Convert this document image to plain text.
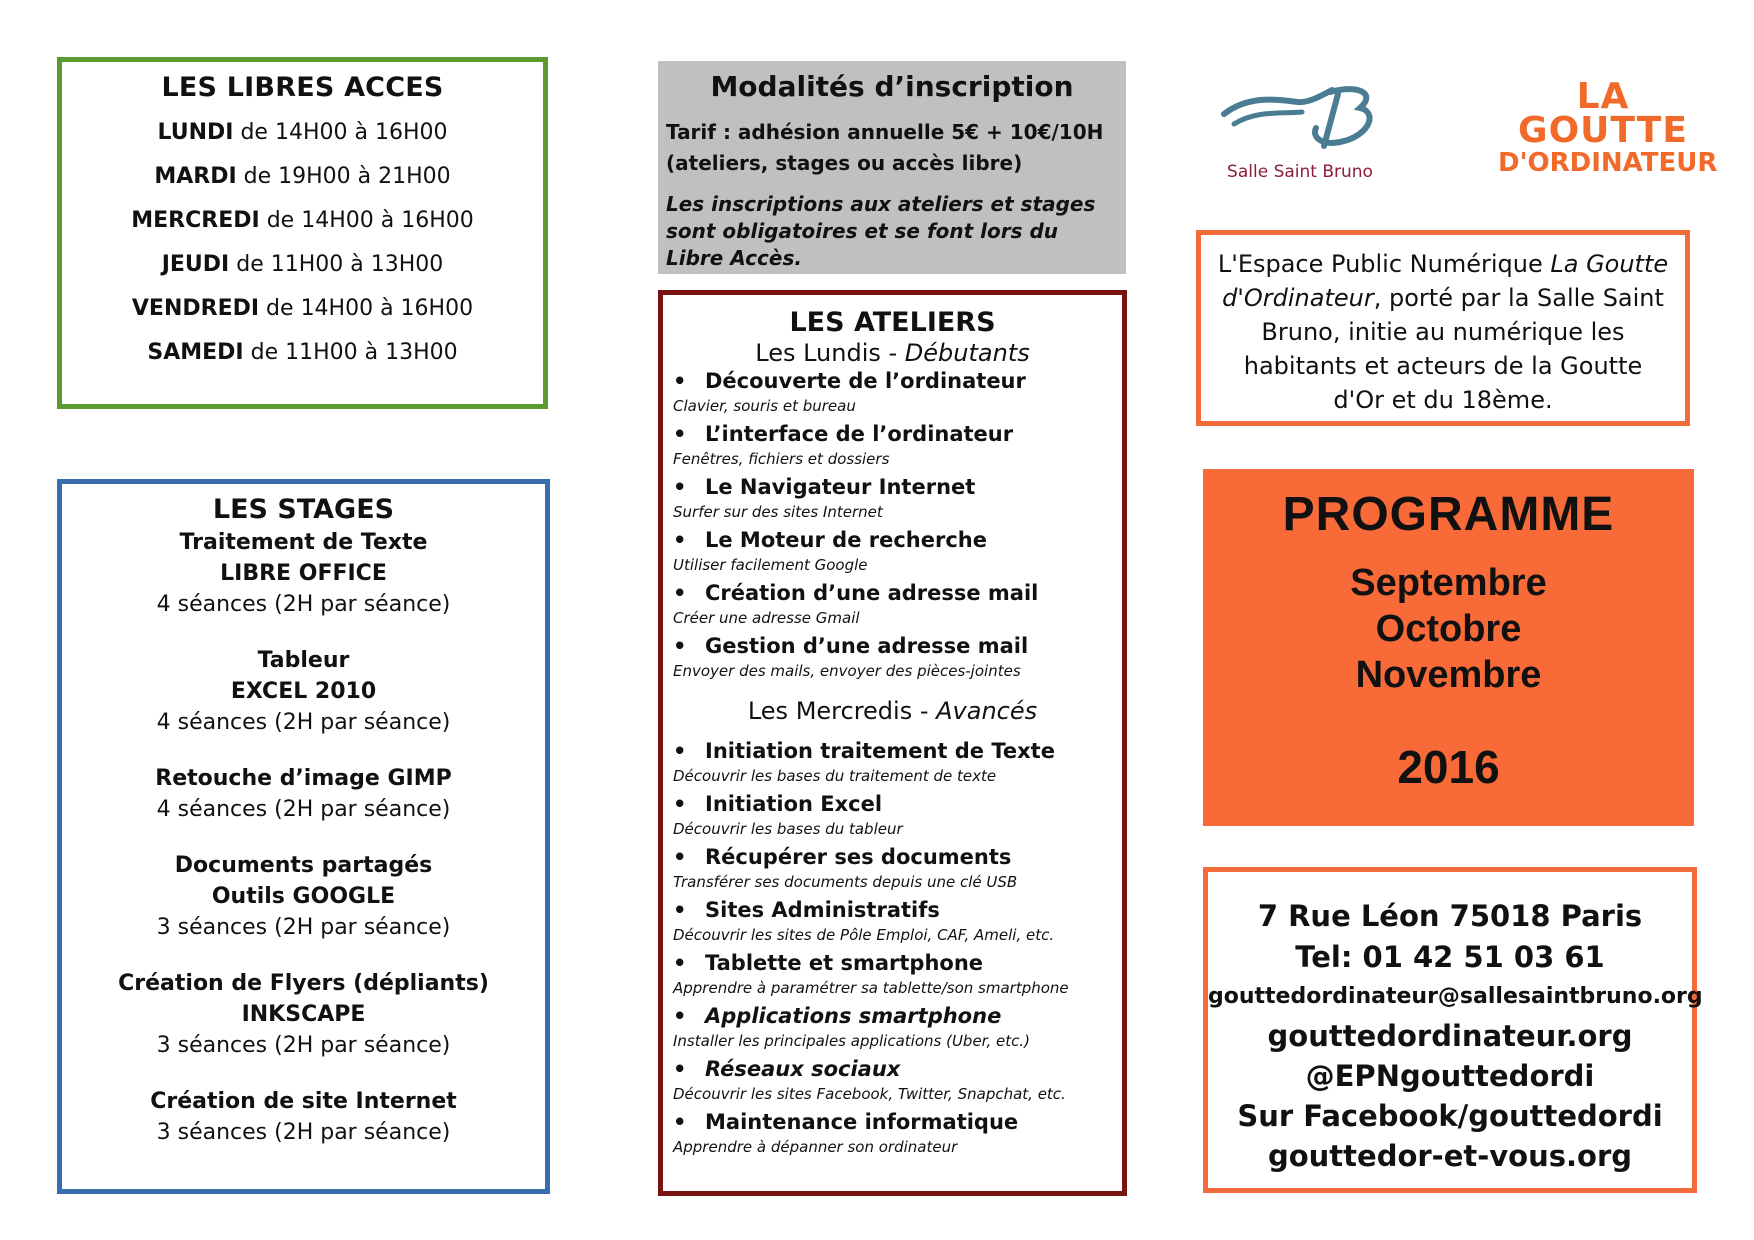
LES LIBRES ACCES
LUNDI de 14H00 à 16H00
MARDI de 19H00 à 21H00
MERCREDI de 14H00 à 16H00
JEUDI de 11H00 à 13H00
VENDREDI de 14H00 à 16H00
SAMEDI de 11H00 à 13H00
LES STAGES
Traitement de Texte
LIBRE OFFICE
4 séances (2H par séance)
Tableur
EXCEL 2010
4 séances (2H par séance)
Retouche d’image GIMP
4 séances (2H par séance)
Documents partagés
Outils GOOGLE
3 séances (2H par séance)
Création de Flyers (dépliants)
INKSCAPE
3 séances (2H par séance)
Création de site Internet
3 séances (2H par séance)
Modalités d’inscription
Tarif : adhésion annuelle 5€ + 10€/10H (ateliers, stages ou accès libre)
Les inscriptions aux ateliers et stages sont obligatoires et se font lors du Libre Accès.
LES ATELIERS
Les Lundis - Débutants
• Découverte de l’ordinateur
Clavier, souris et bureau
• L’interface de l’ordinateur
Fenêtres, fichiers et dossiers
• Le Navigateur Internet
Surfer sur des sites Internet
• Le Moteur de recherche
Utiliser facilement Google
• Création d’une adresse mail
Créer une adresse Gmail
• Gestion d’une adresse mail
Envoyer des mails, envoyer des pièces-jointes
Les Mercredis - Avancés
• Initiation traitement de Texte
Découvrir les bases du traitement de texte
• Initiation Excel
Découvrir les bases du tableur
• Récupérer ses documents
Transférer ses documents depuis une clé USB
• Sites Administratifs
Découvrir les sites de Pôle Emploi, CAF, Ameli, etc.
• Tablette et smartphone
Apprendre à paramétrer sa tablette/son smartphone
• Applications smartphone
Installer les principales applications (Uber, etc.)
• Réseaux sociaux
Découvrir les sites Facebook, Twitter, Snapchat, etc.
• Maintenance informatique
Apprendre à dépanner son ordinateur
Salle Saint Bruno
LA
GOUTTE
D'ORDINATEUR
L'Espace Public Numérique La Goutte d'Ordinateur, porté par la Salle Saint Bruno, initie au numérique les habitants et acteurs de la Goutte d'Or et du 18ème.
PROGRAMME
Septembre
Octobre
Novembre
2016
7 Rue Léon 75018 Paris
Tel: 01 42 51 03 61
gouttedordinateur@sallesaintbruno.org
gouttedordinateur.org
@EPNgouttedordi
Sur Facebook/gouttedordi
gouttedor-et-vous.org
